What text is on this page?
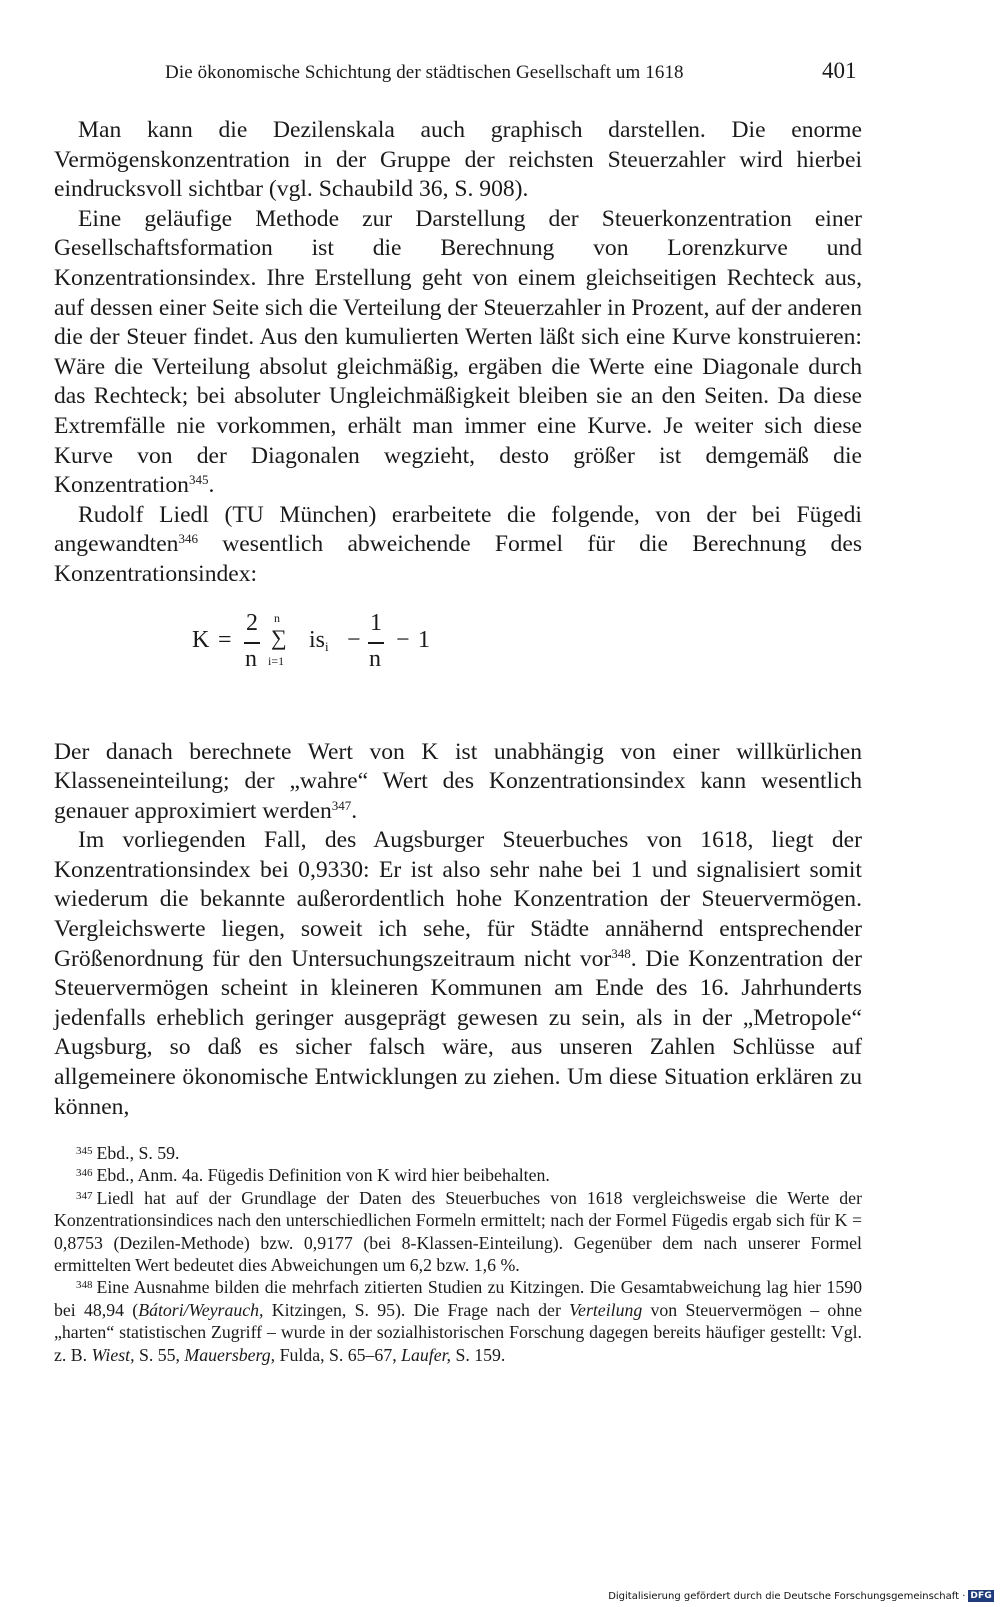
Die ökonomische Schichtung der städtischen Gesellschaft um 1618	401

Man kann die Dezilenskala auch graphisch darstellen. Die enorme Vermögenskonzentration in der Gruppe der reichsten Steuerzahler wird hierbei eindrucksvoll sichtbar (vgl. Schaubild 36, S. 908).

Eine geläufige Methode zur Darstellung der Steuerkonzentration einer Gesellschaftsformation ist die Berechnung von Lorenzkurve und Konzentrationsindex. Ihre Erstellung geht von einem gleichseitigen Rechteck aus, auf dessen einer Seite sich die Verteilung der Steuerzahler in Prozent, auf der anderen die der Steuer findet. Aus den kumulierten Werten läßt sich eine Kurve konstruieren: Wäre die Verteilung absolut gleichmäßig, ergäben die Werte eine Diagonale durch das Rechteck; bei absoluter Ungleichmäßigkeit bleiben sie an den Seiten. Da diese Extremfälle nie vorkommen, erhält man immer eine Kurve. Je weiter sich diese Kurve von der Diagonalen wegzieht, desto größer ist demgemäß die Konzentration$^{345}$.

Rudolf Liedl (TU München) erarbeitete die folgende, von der bei Fügedi angewandten$^{346}$ wesentlich abweichende Formel für die Berechnung des Konzentrationsindex:

Der danach berechnete Wert von K ist unabhängig von einer willkürlichen Klasseneinteilung; der „wahre“ Wert des Konzentrationsindex kann wesentlich genauer approximiert werden$^{347}$.

Im vorliegenden Fall, des Augsburger Steuerbuches von 1618, liegt der Konzentrationsindex bei 0,9330: Er ist also sehr nahe bei 1 und signalisiert somit wiederum die bekannte außerordentlich hohe Konzentration der Steuervermögen. Vergleichswerte liegen, soweit ich sehe, für Städte annähernd entsprechender Größenordnung für den Untersuchungszeitraum nicht vor$^{348}$. Die Konzentration der Steuervermögen scheint in kleineren Kommunen am Ende des 16. Jahrhunderts jedenfalls erheblich geringer ausgeprägt gewesen zu sein, als in der „Metropole“ Augsburg, so daß es sicher falsch wäre, aus unseren Zahlen Schlüsse auf allgemeinere ökonomische Entwicklungen zu ziehen. Um diese Situation erklären zu können,

K =
2
n
n
∑
i=1
isi −
1
n
− 1

$^{345}$ Ebd., S. 59.

$^{346}$ Ebd., Anm. 4a. Fügedis Definition von K wird hier beibehalten.

$^{347}$ Liedl hat auf der Grundlage der Daten des Steuerbuches von 1618 vergleichsweise die Werte der Konzentrationsindices nach den unterschiedlichen Formeln ermittelt; nach der Formel Fügedis ergab sich für K = 0,8753 (Dezilen-Methode) bzw. 0,9177 (bei 8-Klassen-Einteilung). Gegenüber dem nach unserer Formel ermittelten Wert bedeutet dies Abweichungen um 6,2 bzw. 1,6 %.

$^{348}$ Eine Ausnahme bilden die mehrfach zitierten Studien zu Kitzingen. Die Gesamtabweichung lag hier 1590 bei 48,94 (Bátori/Weyrauch, Kitzingen, S. 95). Die Frage nach der Verteilung von Steuervermögen – ohne „harten“ statistischen Zugriff – wurde in der sozialhistorischen Forschung dagegen bereits häufiger gestellt: Vgl. z. B. Wiest, S. 55, Mauersberg, Fulda, S. 65–67, Laufer, S. 159.

Digitalisierung gefördert durch die Deutsche Forschungsgemeinschaft · DFG
